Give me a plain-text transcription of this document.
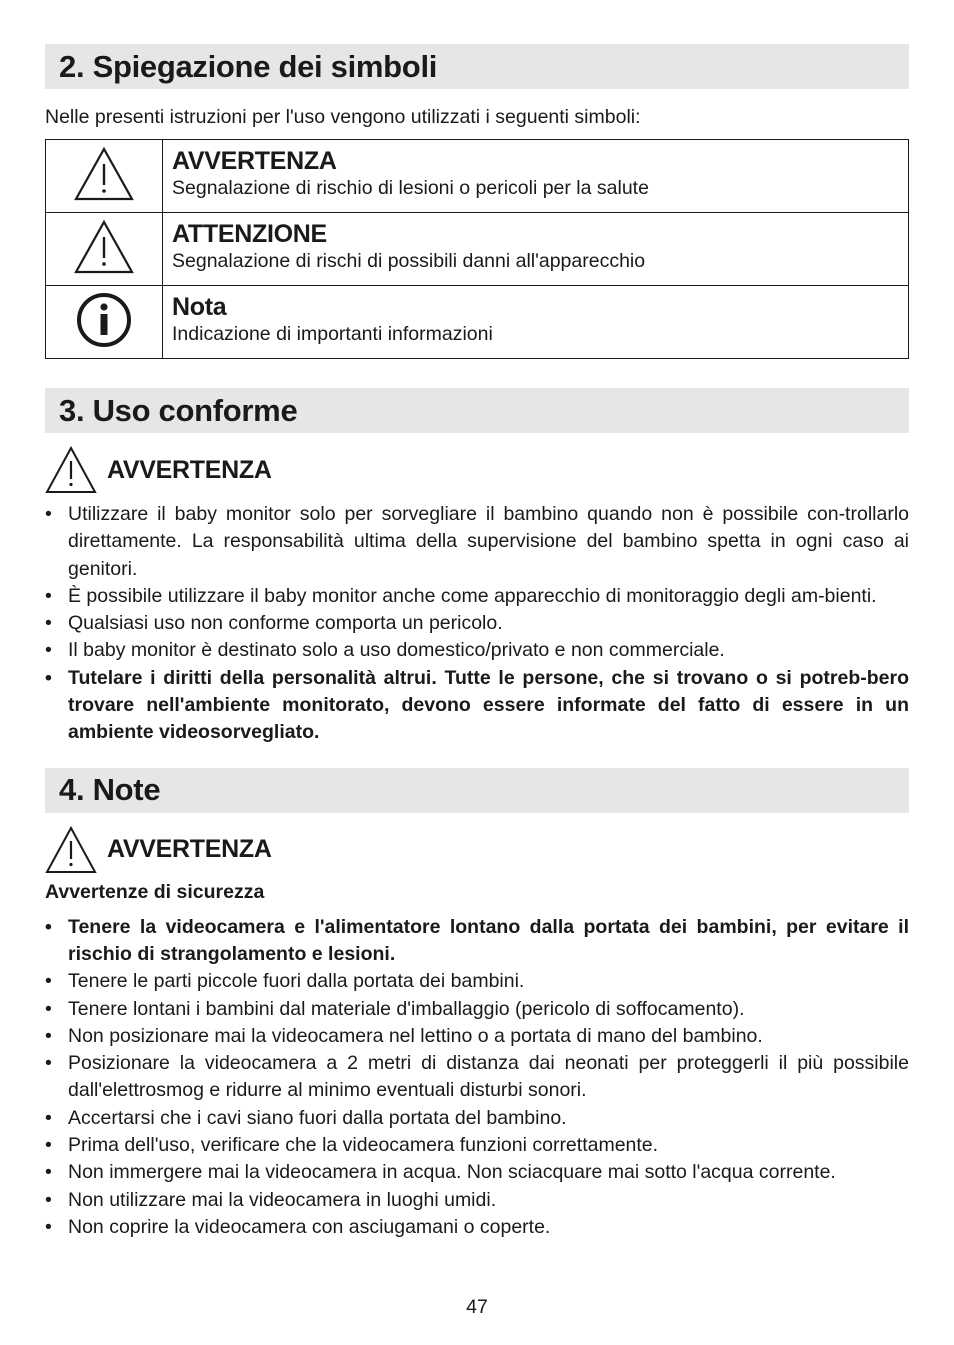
2. Spiegazione dei simboli

Nelle presenti istruzioni per l'uso vengono utilizzati i seguenti simboli:

AVVERTENZA
Segnalazione di rischio di lesioni o pericoli per la salute

ATTENZIONE
Segnalazione di rischi di possibili danni all'apparecchio

Nota
Indicazione di importanti informazioni
3. Uso conforme
AVVERTENZA
• Utilizzare il baby monitor solo per sorvegliare il bambino quando non è possibile con-trollarlo direttamente. La responsabilità ultima della supervisione del bambino spetta in ogni caso ai genitori.
• È possibile utilizzare il baby monitor anche come apparecchio di monitoraggio degli am-bienti.
• Qualsiasi uso non conforme comporta un pericolo.
• Il baby monitor è destinato solo a uso domestico/privato e non commerciale.
• Tutelare i diritti della personalità altrui. Tutte le persone, che si trovano o si potreb-bero trovare nell'ambiente monitorato, devono essere informate del fatto di essere in un ambiente videosorvegliato.
4. Note
AVVERTENZA
Avvertenze di sicurezza
• Tenere la videocamera e l'alimentatore lontano dalla portata dei bambini, per evitare il rischio di strangolamento e lesioni.
• Tenere le parti piccole fuori dalla portata dei bambini.
• Tenere lontani i bambini dal materiale d'imballaggio (pericolo di soffocamento).
• Non posizionare mai la videocamera nel lettino o a portata di mano del bambino.
• Posizionare la videocamera a 2 metri di distanza dai neonati per proteggerli il più possibile dall'elettrosmog e ridurre al minimo eventuali disturbi sonori.
• Accertarsi che i cavi siano fuori dalla portata del bambino.
• Prima dell'uso, verificare che la videocamera funzioni correttamente.
• Non immergere mai la videocamera in acqua. Non sciacquare mai sotto l'acqua corrente.
• Non utilizzare mai la videocamera in luoghi umidi.
• Non coprire la videocamera con asciugamani o coperte.
47
